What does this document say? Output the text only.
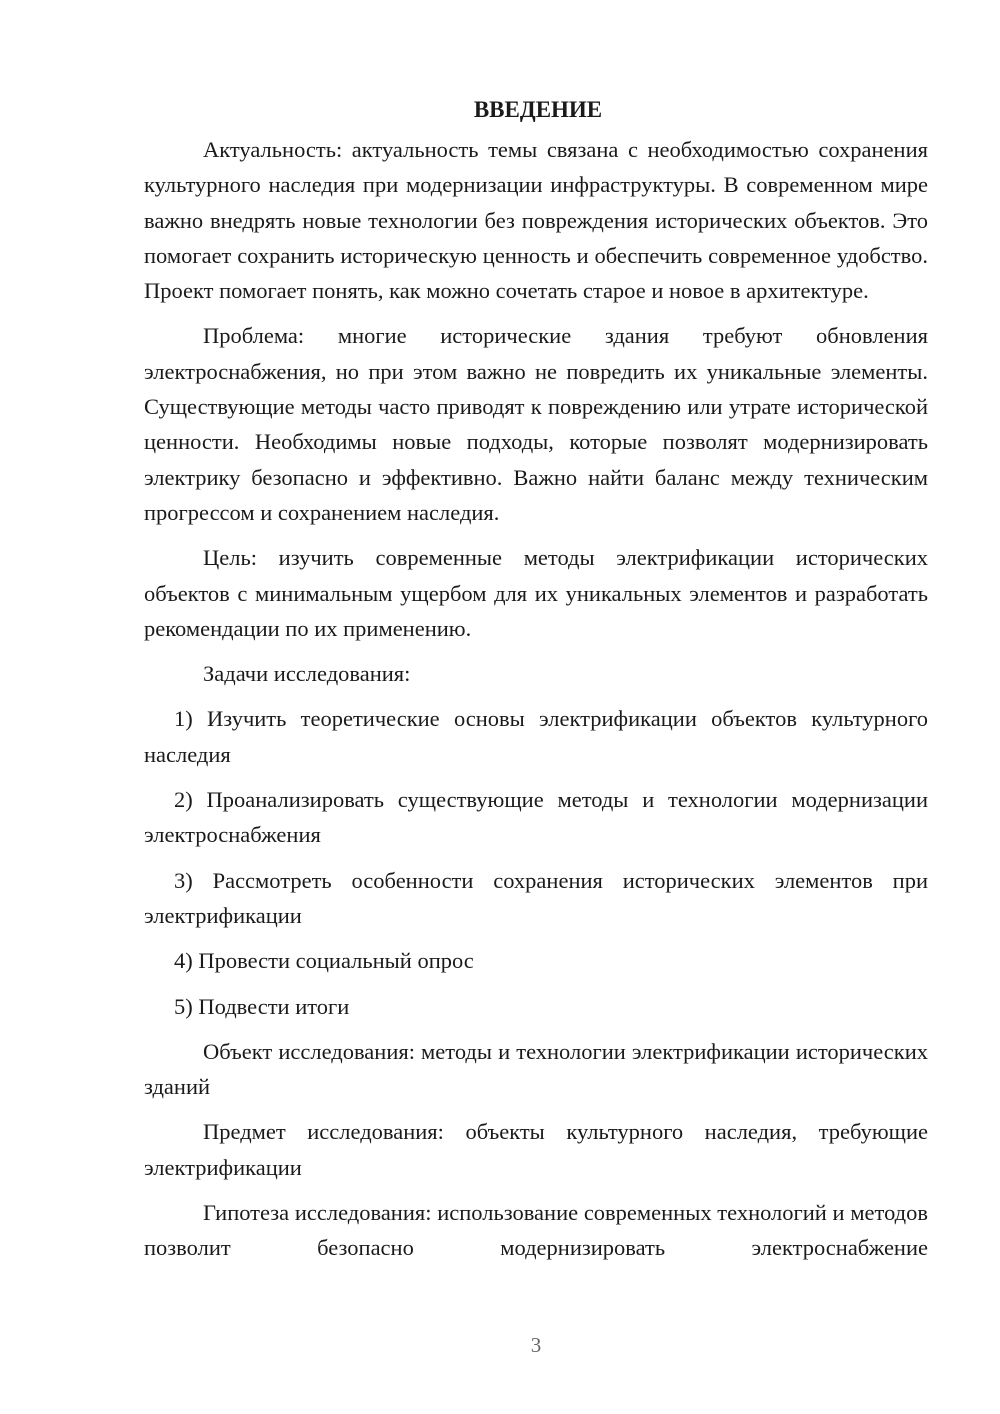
ВВЕДЕНИЕ

Актуальность: актуальность темы связана с необходимостью сохранения культурного наследия при модернизации инфраструктуры. В современном мире важно внедрять новые технологии без повреждения исторических объектов. Это помогает сохранить историческую ценность и обеспечить современное удобство. Проект помогает понять, как можно сочетать старое и новое в архитектуре.

Проблема: многие исторические здания требуют обновления электроснабжения, но при этом важно не повредить их уникальные элементы. Существующие методы часто приводят к повреждению или утрате исторической ценности. Необходимы новые подходы, которые позволят модернизировать электрику безопасно и эффективно. Важно найти баланс между техническим прогрессом и сохранением наследия.

Цель: изучить современные методы электрификации исторических объектов с минимальным ущербом для их уникальных элементов и разработать рекомендации по их применению.

Задачи исследования:

1) Изучить теоретические основы электрификации объектов культурного наследия

2) Проанализировать существующие методы и технологии модернизации электроснабжения

3) Рассмотреть особенности сохранения исторических элементов при электрификации

4) Провести социальный опрос

5) Подвести итоги

Объект исследования: методы и технологии электрификации исторических зданий

Предмет исследования: объекты культурного наследия, требующие электрификации

Гипотеза исследования: использование современных технологий и методов позволит безопасно модернизировать электроснабжение

3
